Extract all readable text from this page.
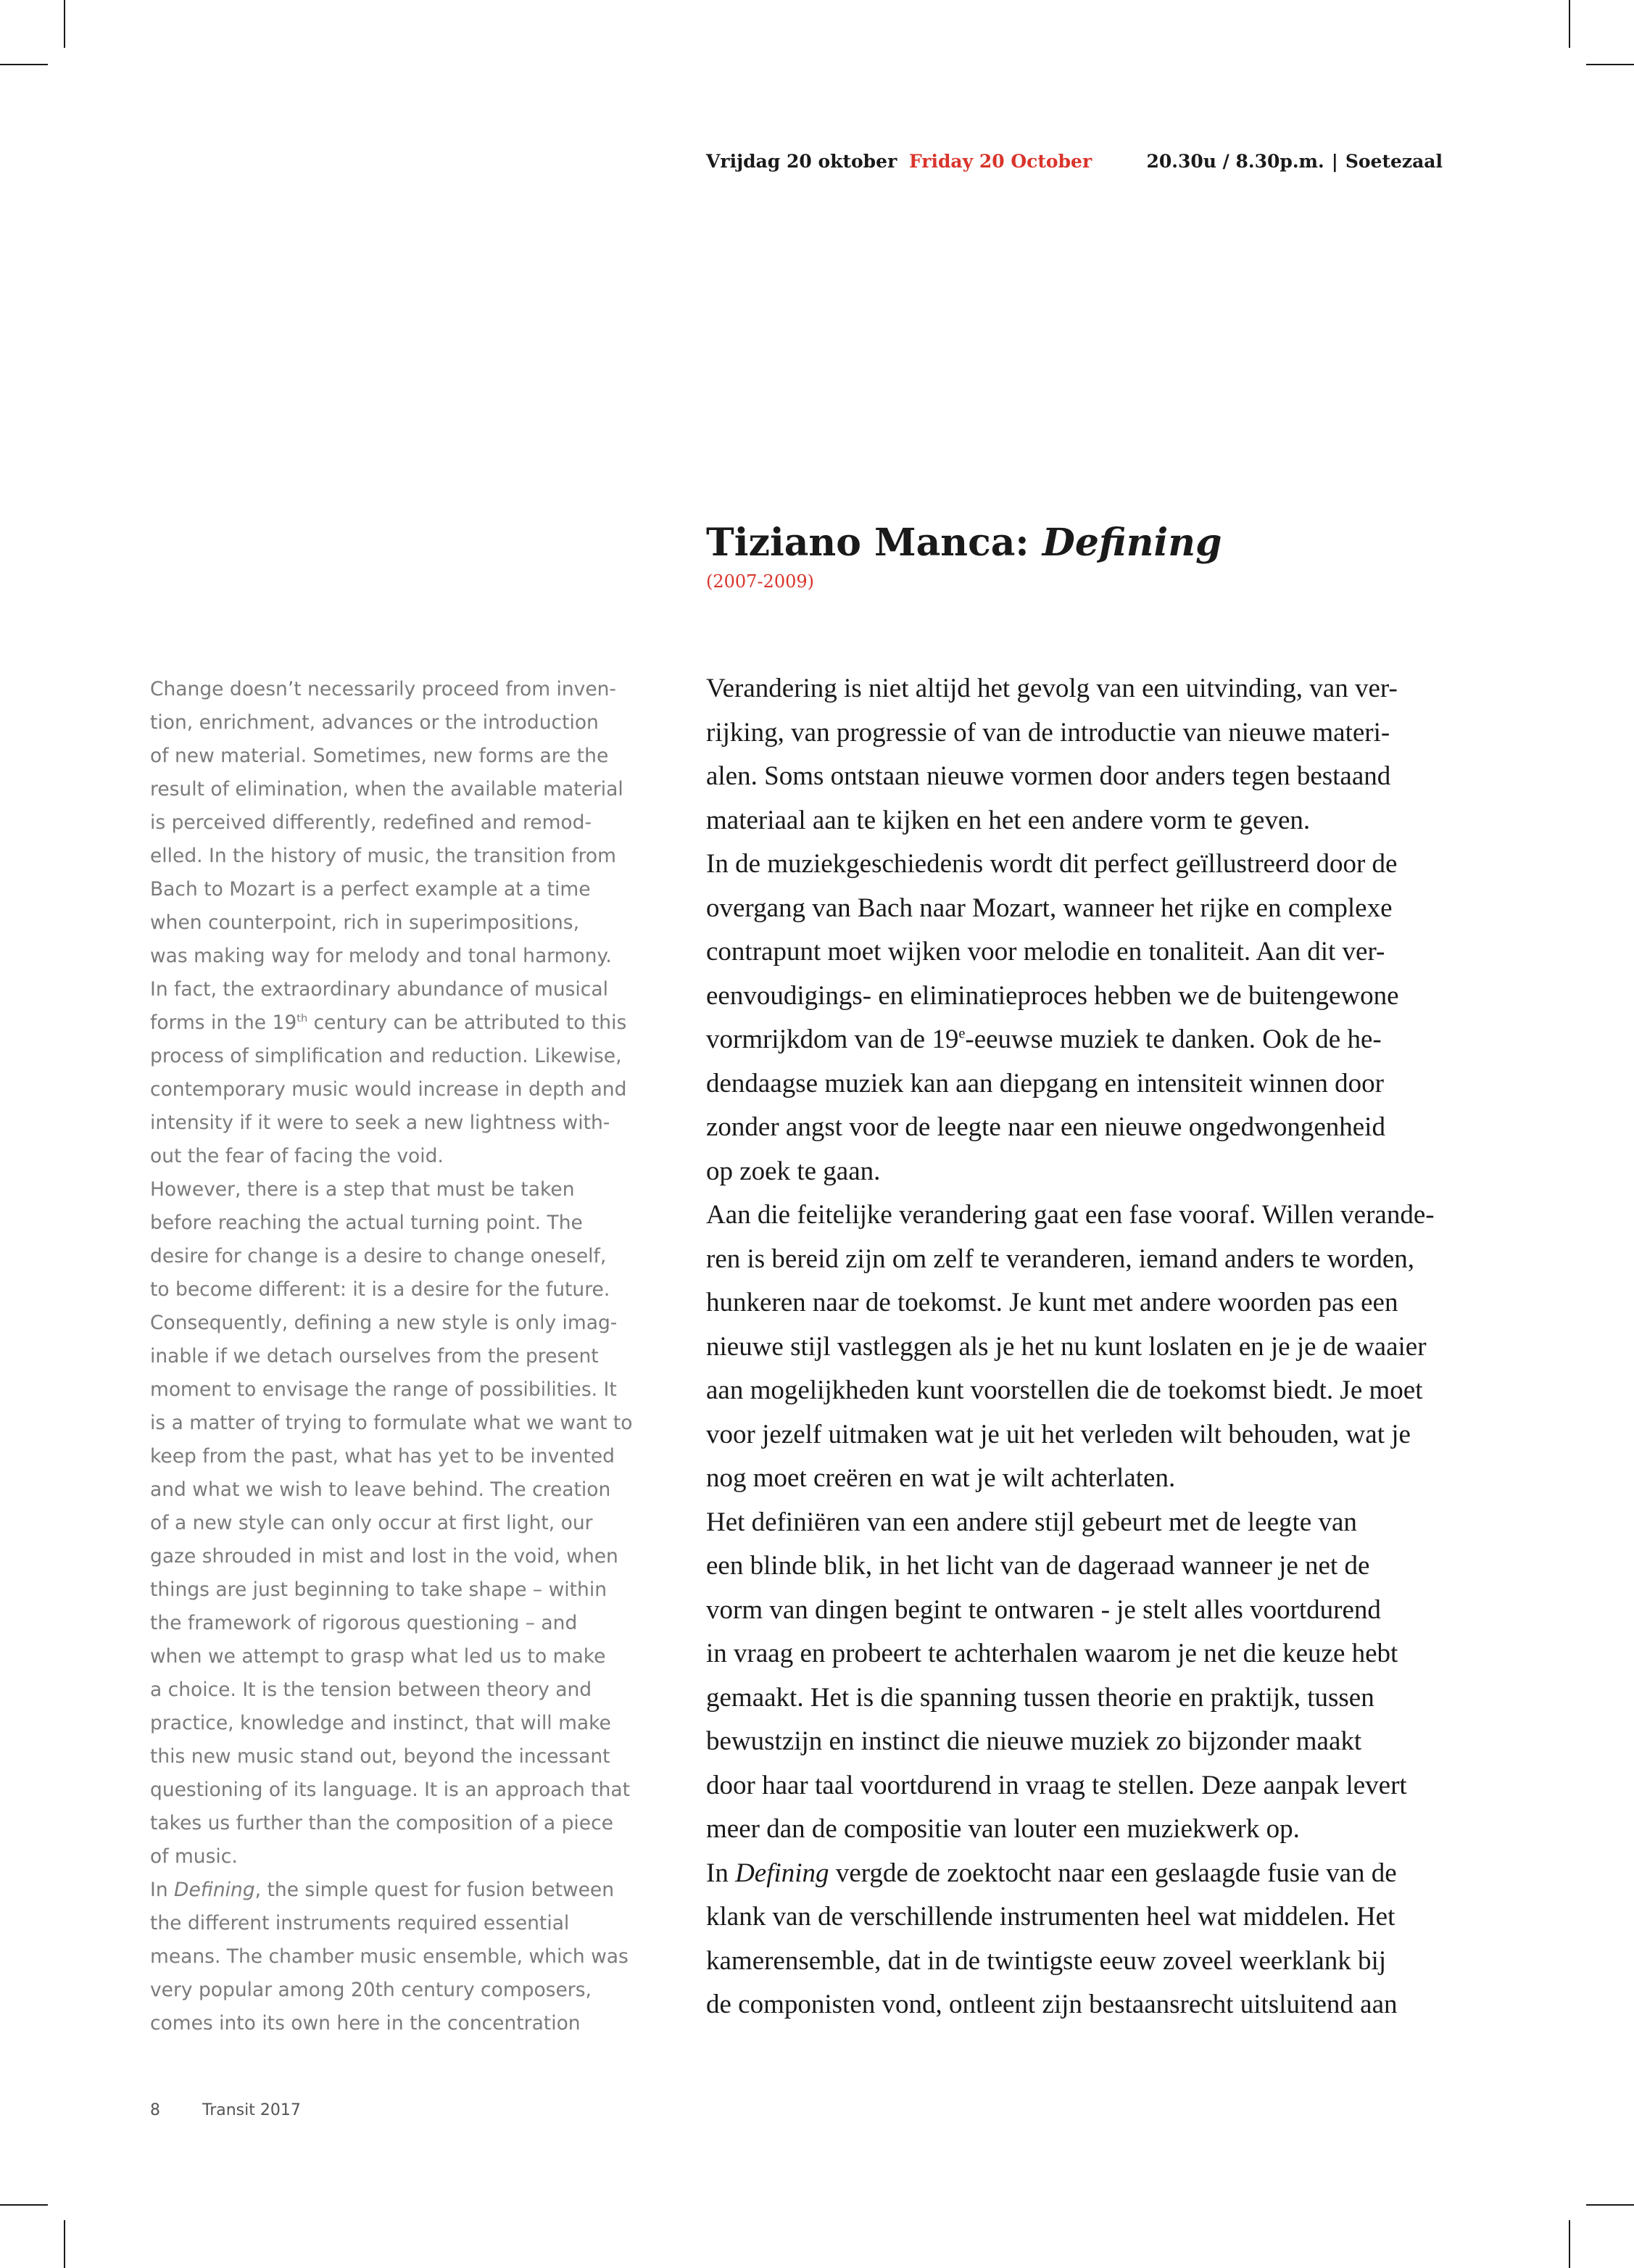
Vrijdag 20 oktober Friday 20 October	20.30u / 8.30p.m. | Soetezaal
Tiziano Manca: Defining
(2007-2009)
Change doesn’t necessarily proceed from inven-
tion, enrichment, advances or the introduction
of new material. Sometimes, new forms are the
result of elimination, when the available material
is perceived differently, redefined and remod-
elled. In the history of music, the transition from
Bach to Mozart is a perfect example at a time
when counterpoint, rich in superimpositions,
was making way for melody and tonal harmony.
In fact, the extraordinary abundance of musical
forms in the 19th century can be attributed to this
process of simplification and reduction. Likewise,
contemporary music would increase in depth and
intensity if it were to seek a new lightness with-
out the fear of facing the void.
However, there is a step that must be taken
before reaching the actual turning point. The
desire for change is a desire to change oneself,
to become different: it is a desire for the future.
Consequently, defining a new style is only imag-
inable if we detach ourselves from the present
moment to envisage the range of possibilities. It
is a matter of trying to formulate what we want to
keep from the past, what has yet to be invented
and what we wish to leave behind. The creation
of a new style can only occur at first light, our
gaze shrouded in mist and lost in the void, when
things are just beginning to take shape – within
the framework of rigorous questioning – and
when we attempt to grasp what led us to make
a choice. It is the tension between theory and
practice, knowledge and instinct, that will make
this new music stand out, beyond the incessant
questioning of its language. It is an approach that
takes us further than the composition of a piece
of music.
In Defining, the simple quest for fusion between
the different instruments required essential
means. The chamber music ensemble, which was
very popular among 20th century composers,
comes into its own here in the concentration
Verandering is niet altijd het gevolg van een uitvinding, van ver-
rijking, van progressie of van de introductie van nieuwe materi-
alen. Soms ontstaan nieuwe vormen door anders tegen bestaand
materiaal aan te kijken en het een andere vorm te geven.
In de muziekgeschiedenis wordt dit perfect geïllustreerd door de
overgang van Bach naar Mozart, wanneer het rijke en complexe
contrapunt moet wijken voor melodie en tonaliteit. Aan dit ver-
eenvoudigings- en eliminatieproces hebben we de buitengewone
vormrijkdom van de 19e-eeuwse muziek te danken. Ook de he-
dendaagse muziek kan aan diepgang en intensiteit winnen door
zonder angst voor de leegte naar een nieuwe ongedwongenheid
op zoek te gaan.
Aan die feitelijke verandering gaat een fase vooraf. Willen verande-
ren is bereid zijn om zelf te veranderen, iemand anders te worden,
hunkeren naar de toekomst. Je kunt met andere woorden pas een
nieuwe stijl vastleggen als je het nu kunt loslaten en je je de waaier
aan mogelijkheden kunt voorstellen die de toekomst biedt. Je moet
voor jezelf uitmaken wat je uit het verleden wilt behouden, wat je
nog moet creëren en wat je wilt achterlaten.
Het definiëren van een andere stijl gebeurt met de leegte van
een blinde blik, in het licht van de dageraad wanneer je net de
vorm van dingen begint te ontwaren - je stelt alles voortdurend
in vraag en probeert te achterhalen waarom je net die keuze hebt
gemaakt. Het is die spanning tussen theorie en praktijk, tussen
bewustzijn en instinct die nieuwe muziek zo bijzonder maakt
door haar taal voortdurend in vraag te stellen. Deze aanpak levert
meer dan de compositie van louter een muziekwerk op.
In Defining vergde de zoektocht naar een geslaagde fusie van de
klank van de verschillende instrumenten heel wat middelen. Het
kamerensemble, dat in de twintigste eeuw zoveel weerklank bij
de componisten vond, ontleent zijn bestaansrecht uitsluitend aan
8	Transit 2017
